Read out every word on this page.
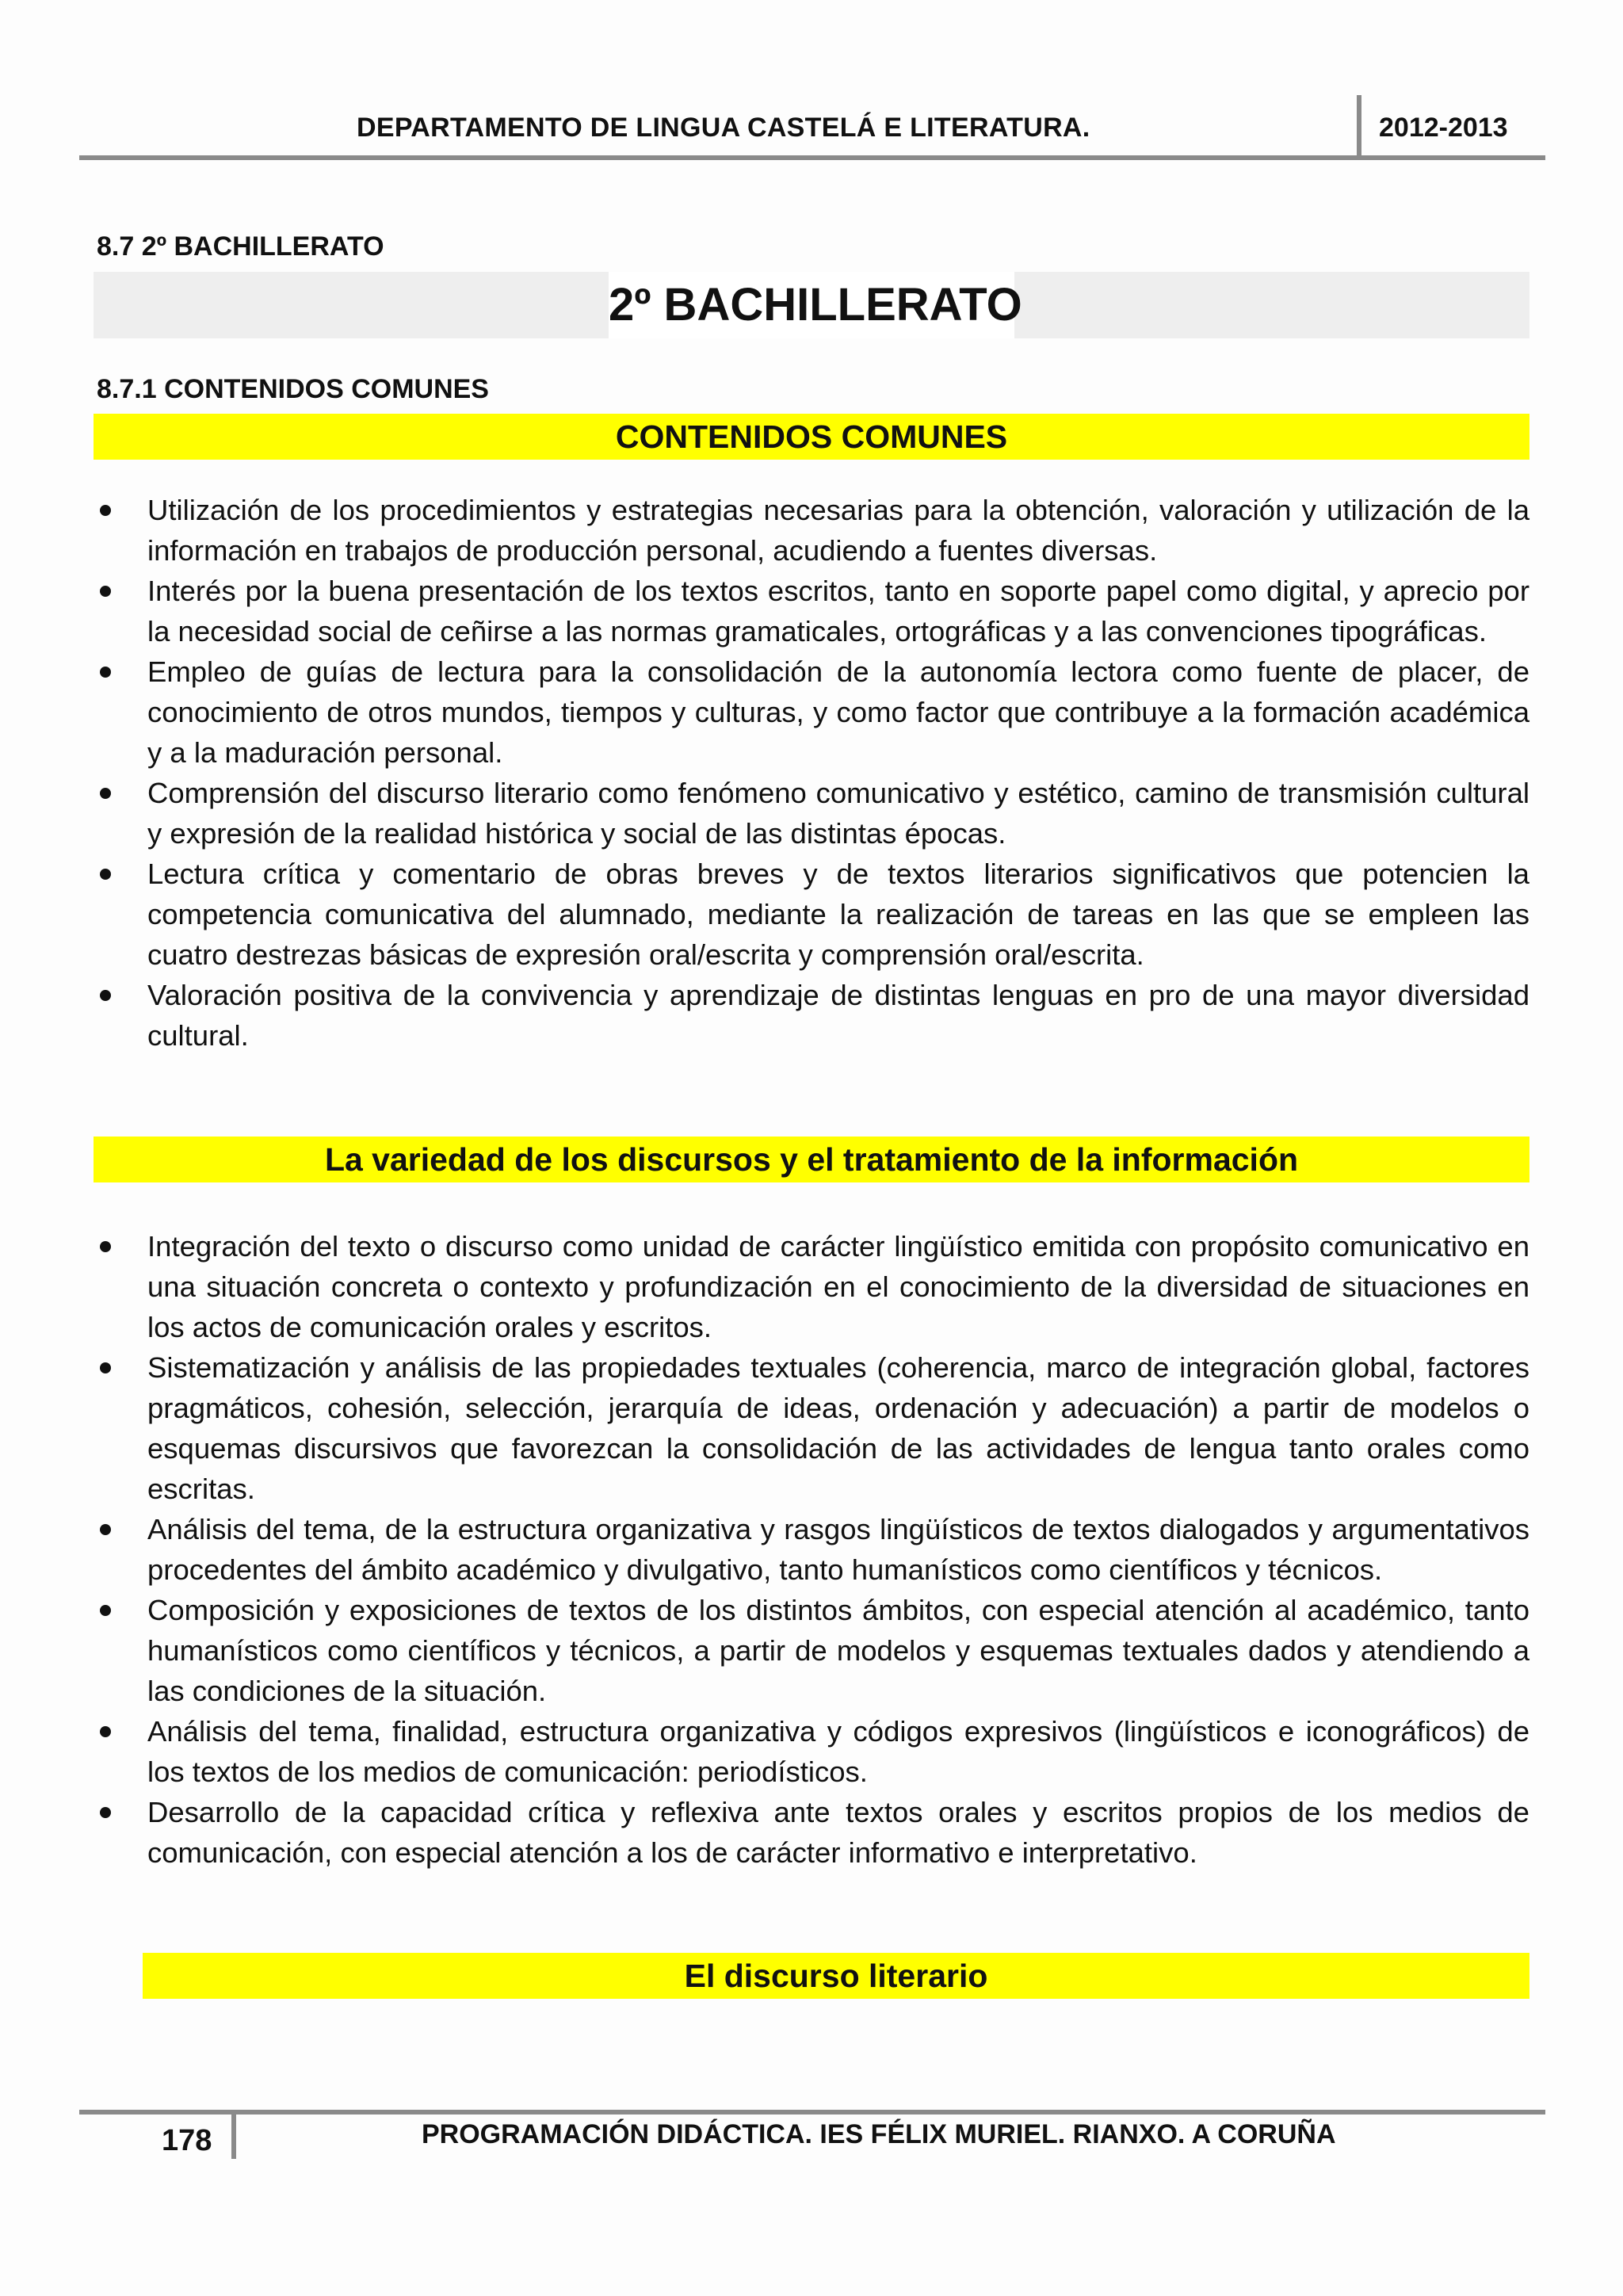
DEPARTAMENTO DE LINGUA CASTELÁ E LITERATURA.	2012-2013
8.7 2º BACHILLERATO
2º BACHILLERATO
8.7.1 CONTENIDOS COMUNES
CONTENIDOS COMUNES
Utilización de los procedimientos y estrategias necesarias para la obtención, valoración y utilización de la información en trabajos de producción personal, acudiendo a fuentes diversas.
Interés por la buena presentación de los textos escritos, tanto en soporte papel como digital, y aprecio por la necesidad social de ceñirse a las normas gramaticales, ortográficas y a las convenciones tipográficas.
Empleo de guías de lectura para la consolidación de la autonomía lectora como fuente de placer, de conocimiento de otros mundos, tiempos y culturas, y como factor que contribuye a la formación académica y a la maduración personal.
Comprensión del discurso literario como fenómeno comunicativo y estético, camino de transmisión cultural y expresión de la realidad histórica y social de las distintas épocas.
Lectura crítica y comentario de obras breves y de textos literarios significativos que potencien la competencia comunicativa del alumnado, mediante la realización de tareas en las que se empleen las cuatro destrezas básicas de expresión oral/escrita y comprensión oral/escrita.
Valoración positiva de la convivencia y aprendizaje de distintas lenguas en pro de una mayor diversidad cultural.
La variedad de los discursos y el tratamiento de la información
Integración del texto o discurso como unidad de carácter lingüístico emitida con propósito comunicativo en una situación concreta o contexto y profundización en el conocimiento de la diversidad de situaciones en los actos de comunicación orales y escritos.
Sistematización y análisis de las propiedades textuales (coherencia, marco de integración global, factores pragmáticos, cohesión, selección, jerarquía de ideas, ordenación y adecuación) a partir de modelos o esquemas discursivos que favorezcan la consolidación de las actividades de lengua tanto orales como escritas.
Análisis del tema, de la estructura organizativa y rasgos lingüísticos de textos dialogados y argumentativos procedentes del ámbito académico y divulgativo, tanto humanísticos como científicos y técnicos.
Composición y exposiciones de textos de los distintos ámbitos, con especial atención al académico, tanto humanísticos como científicos y técnicos, a partir de modelos y esquemas textuales dados y atendiendo a las condiciones de la situación.
Análisis del tema, finalidad, estructura organizativa y códigos expresivos (lingüísticos e iconográficos) de los textos de los medios de comunicación: periodísticos.
Desarrollo de la capacidad crítica y reflexiva ante textos orales y escritos propios de los medios de comunicación, con especial atención a los de carácter informativo e interpretativo.
El discurso literario
178	PROGRAMACIÓN DIDÁCTICA. IES FÉLIX MURIEL. RIANXO. A CORUÑA
